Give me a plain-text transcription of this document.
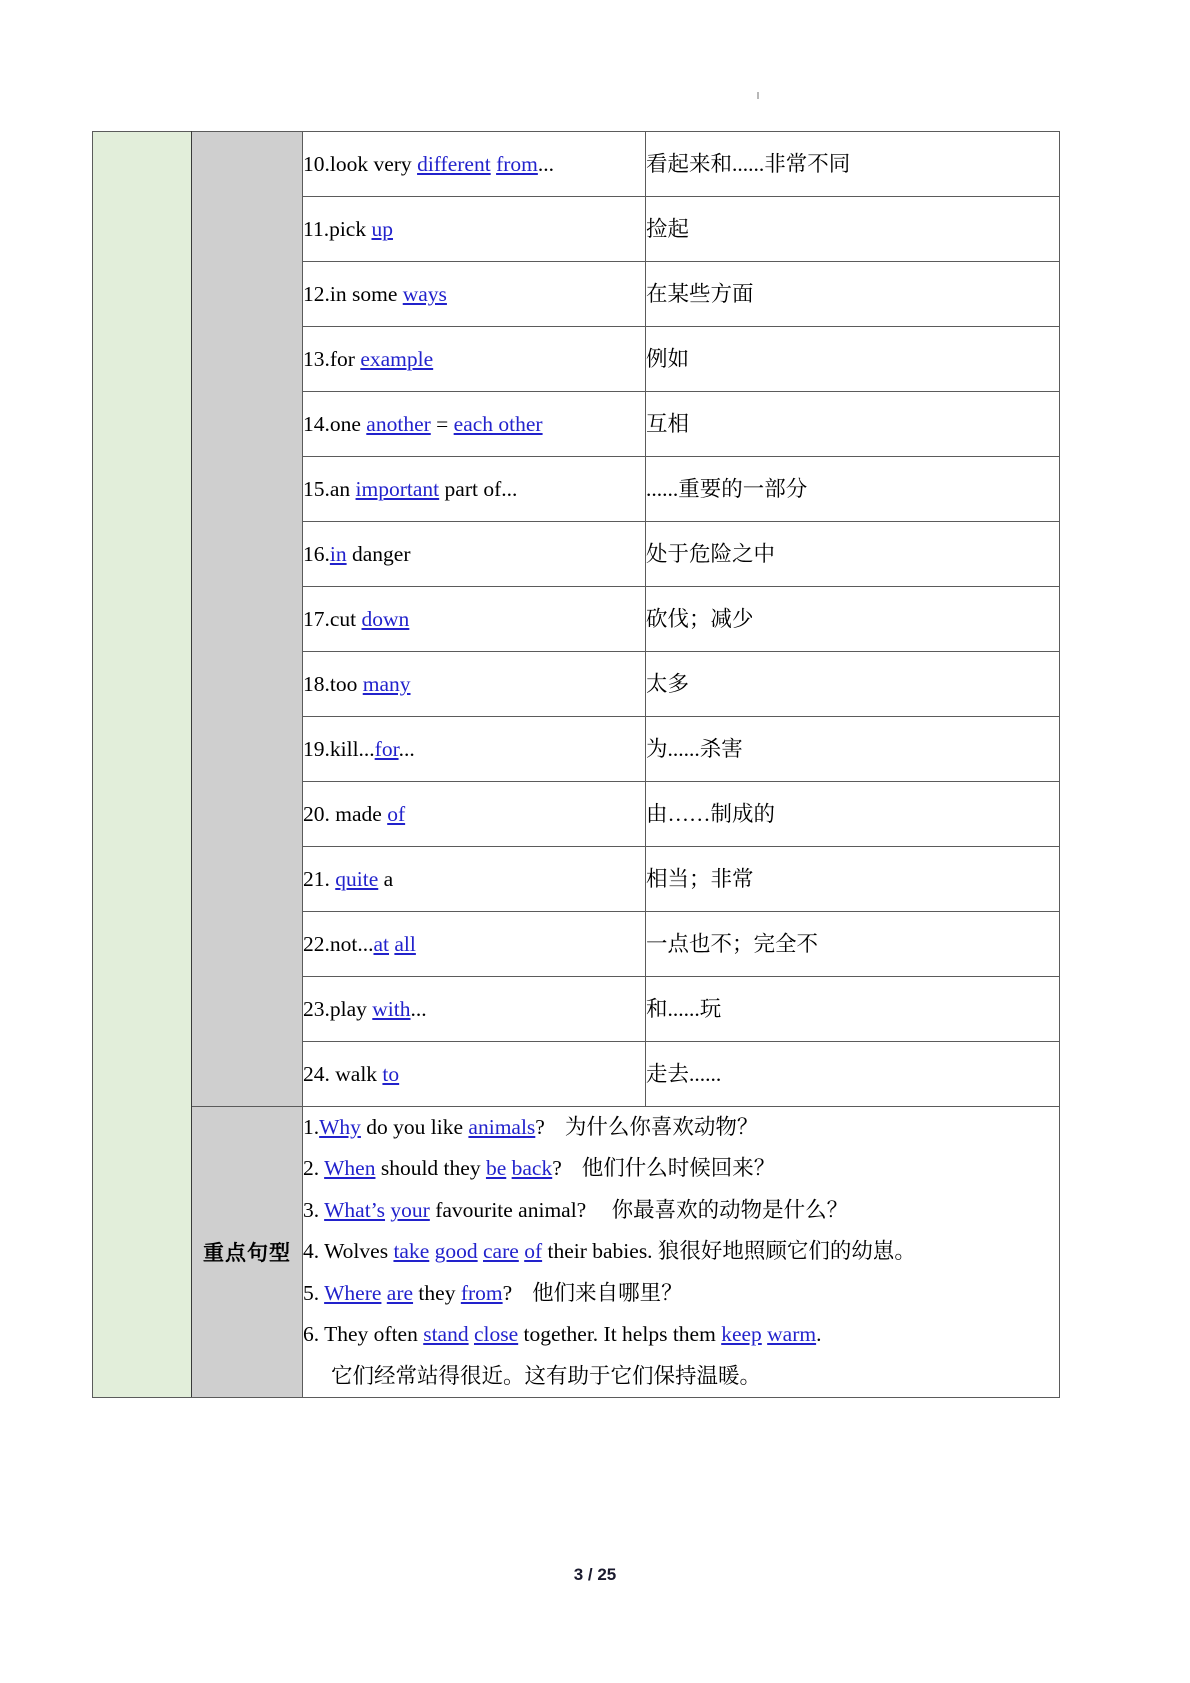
		10.look very different from...	看起来和......非常不同
		11.pick up	捡起
		12.in some ways	在某些方面
		13.for example	例如
		14.one another = each other	互相
		15.an important part of...	......重要的一部分
		16.in danger	处于危险之中
		17.cut down	砍伐；减少
		18.too many	太多
		19.kill...for...	为......杀害
		20. made of	由……制成的
		21. quite a	相当；非常
		22.not...at all	一点也不；完全不
		23.play with...	和......玩
		24. walk to	走去......
重点句型	
1.Why do you like animals? 为什么你喜欢动物？
2. When should they be back? 他们什么时候回来？
3. What’s your favourite animal? 你最喜欢的动物是什么？
4. Wolves take good care of their babies. 狼很好地照顾它们的幼崽。
5. Where are they from? 他们来自哪里？
6. They often stand close together. It helps them keep warm.
它们经常站得很近。这有助于它们保持温暖。
3 / 25
